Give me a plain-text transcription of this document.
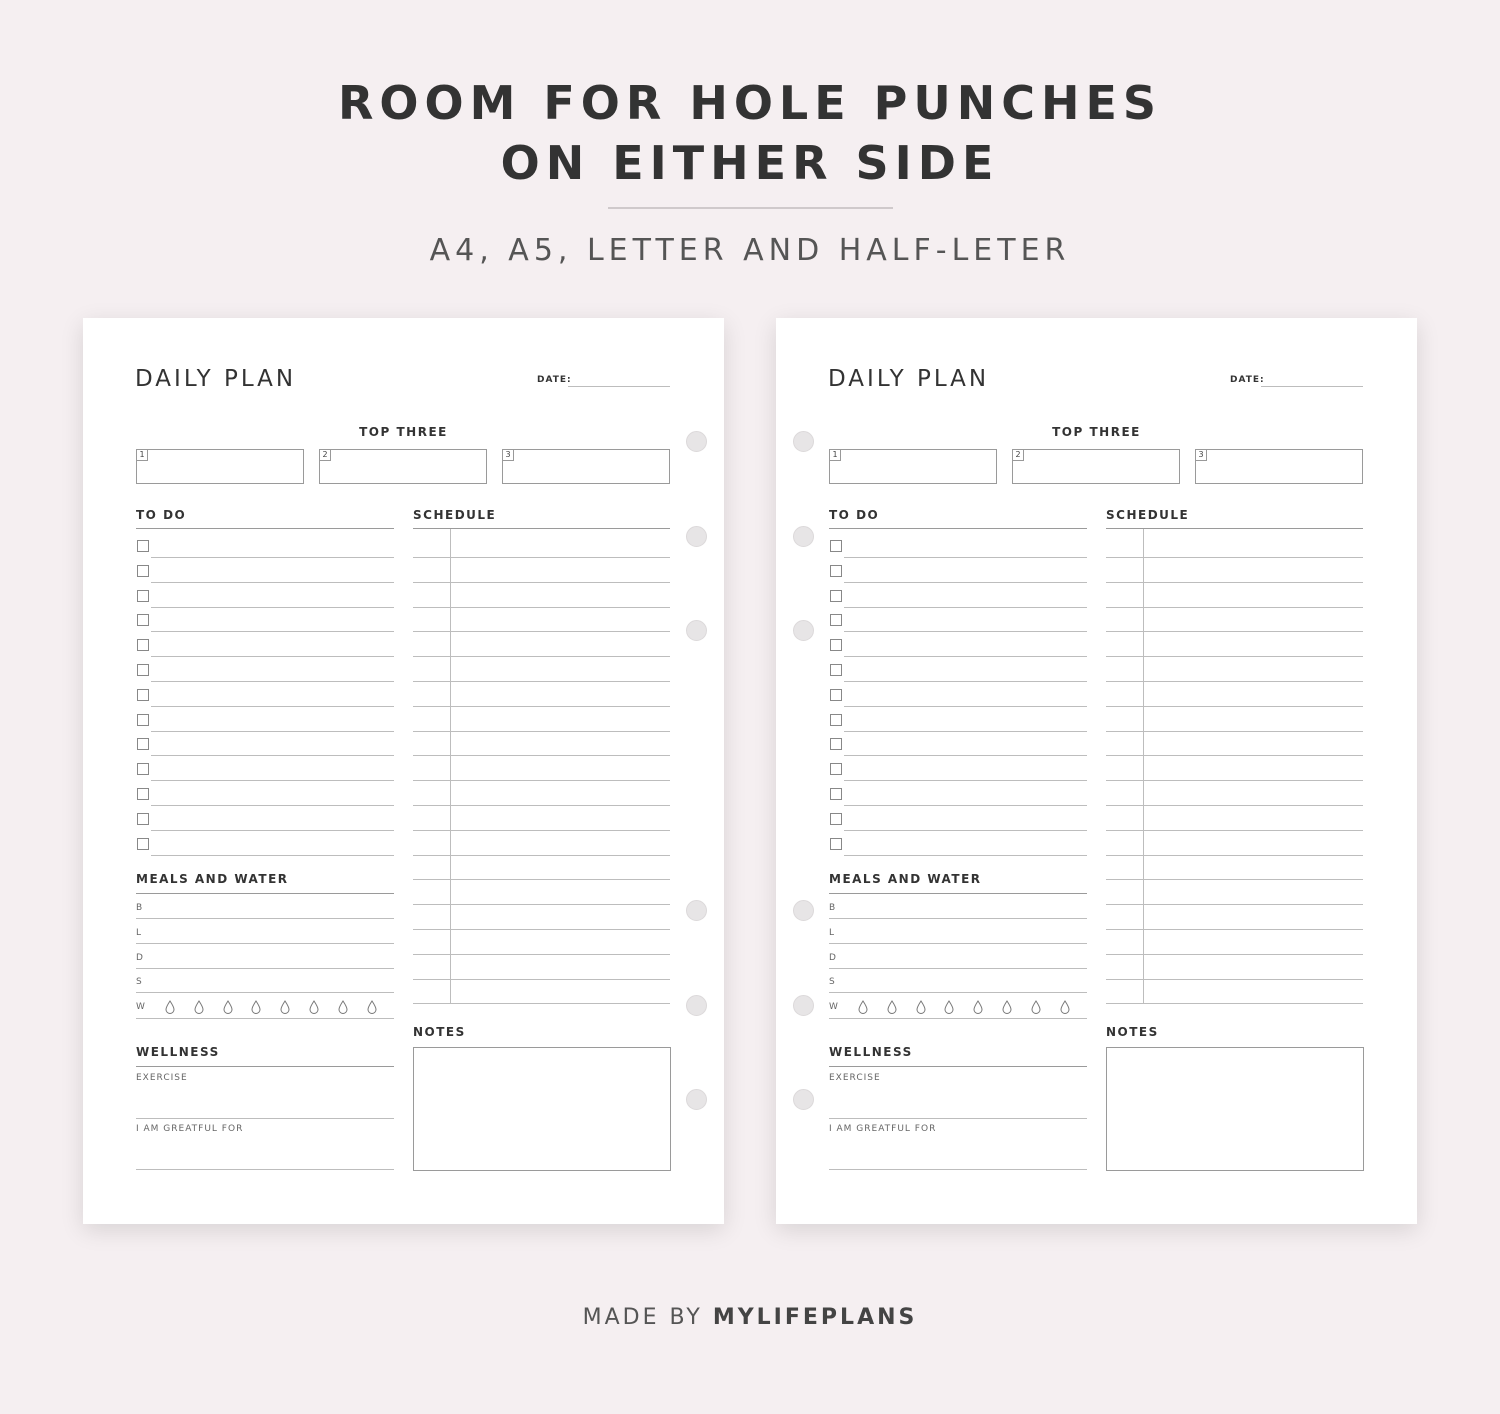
ROOM FOR HOLE PUNCHES
ON EITHER SIDE
A4, A5, LETTER AND HALF-LETER
DAILY PLAN	DATE:
TOP THREE
1	2	3
TO DO	SCHEDULE
MEALS AND WATER
B
L
D
S
W
WELLNESS
EXERCISE
I AM GREATFUL FOR
NOTES
DAILY PLAN	DATE:
TOP THREE
1	2	3
TO DO	SCHEDULE
MEALS AND WATER
B
L
D
S
W
WELLNESS
EXERCISE
I AM GREATFUL FOR
NOTES
MADE BY MYLIFEPLANS
